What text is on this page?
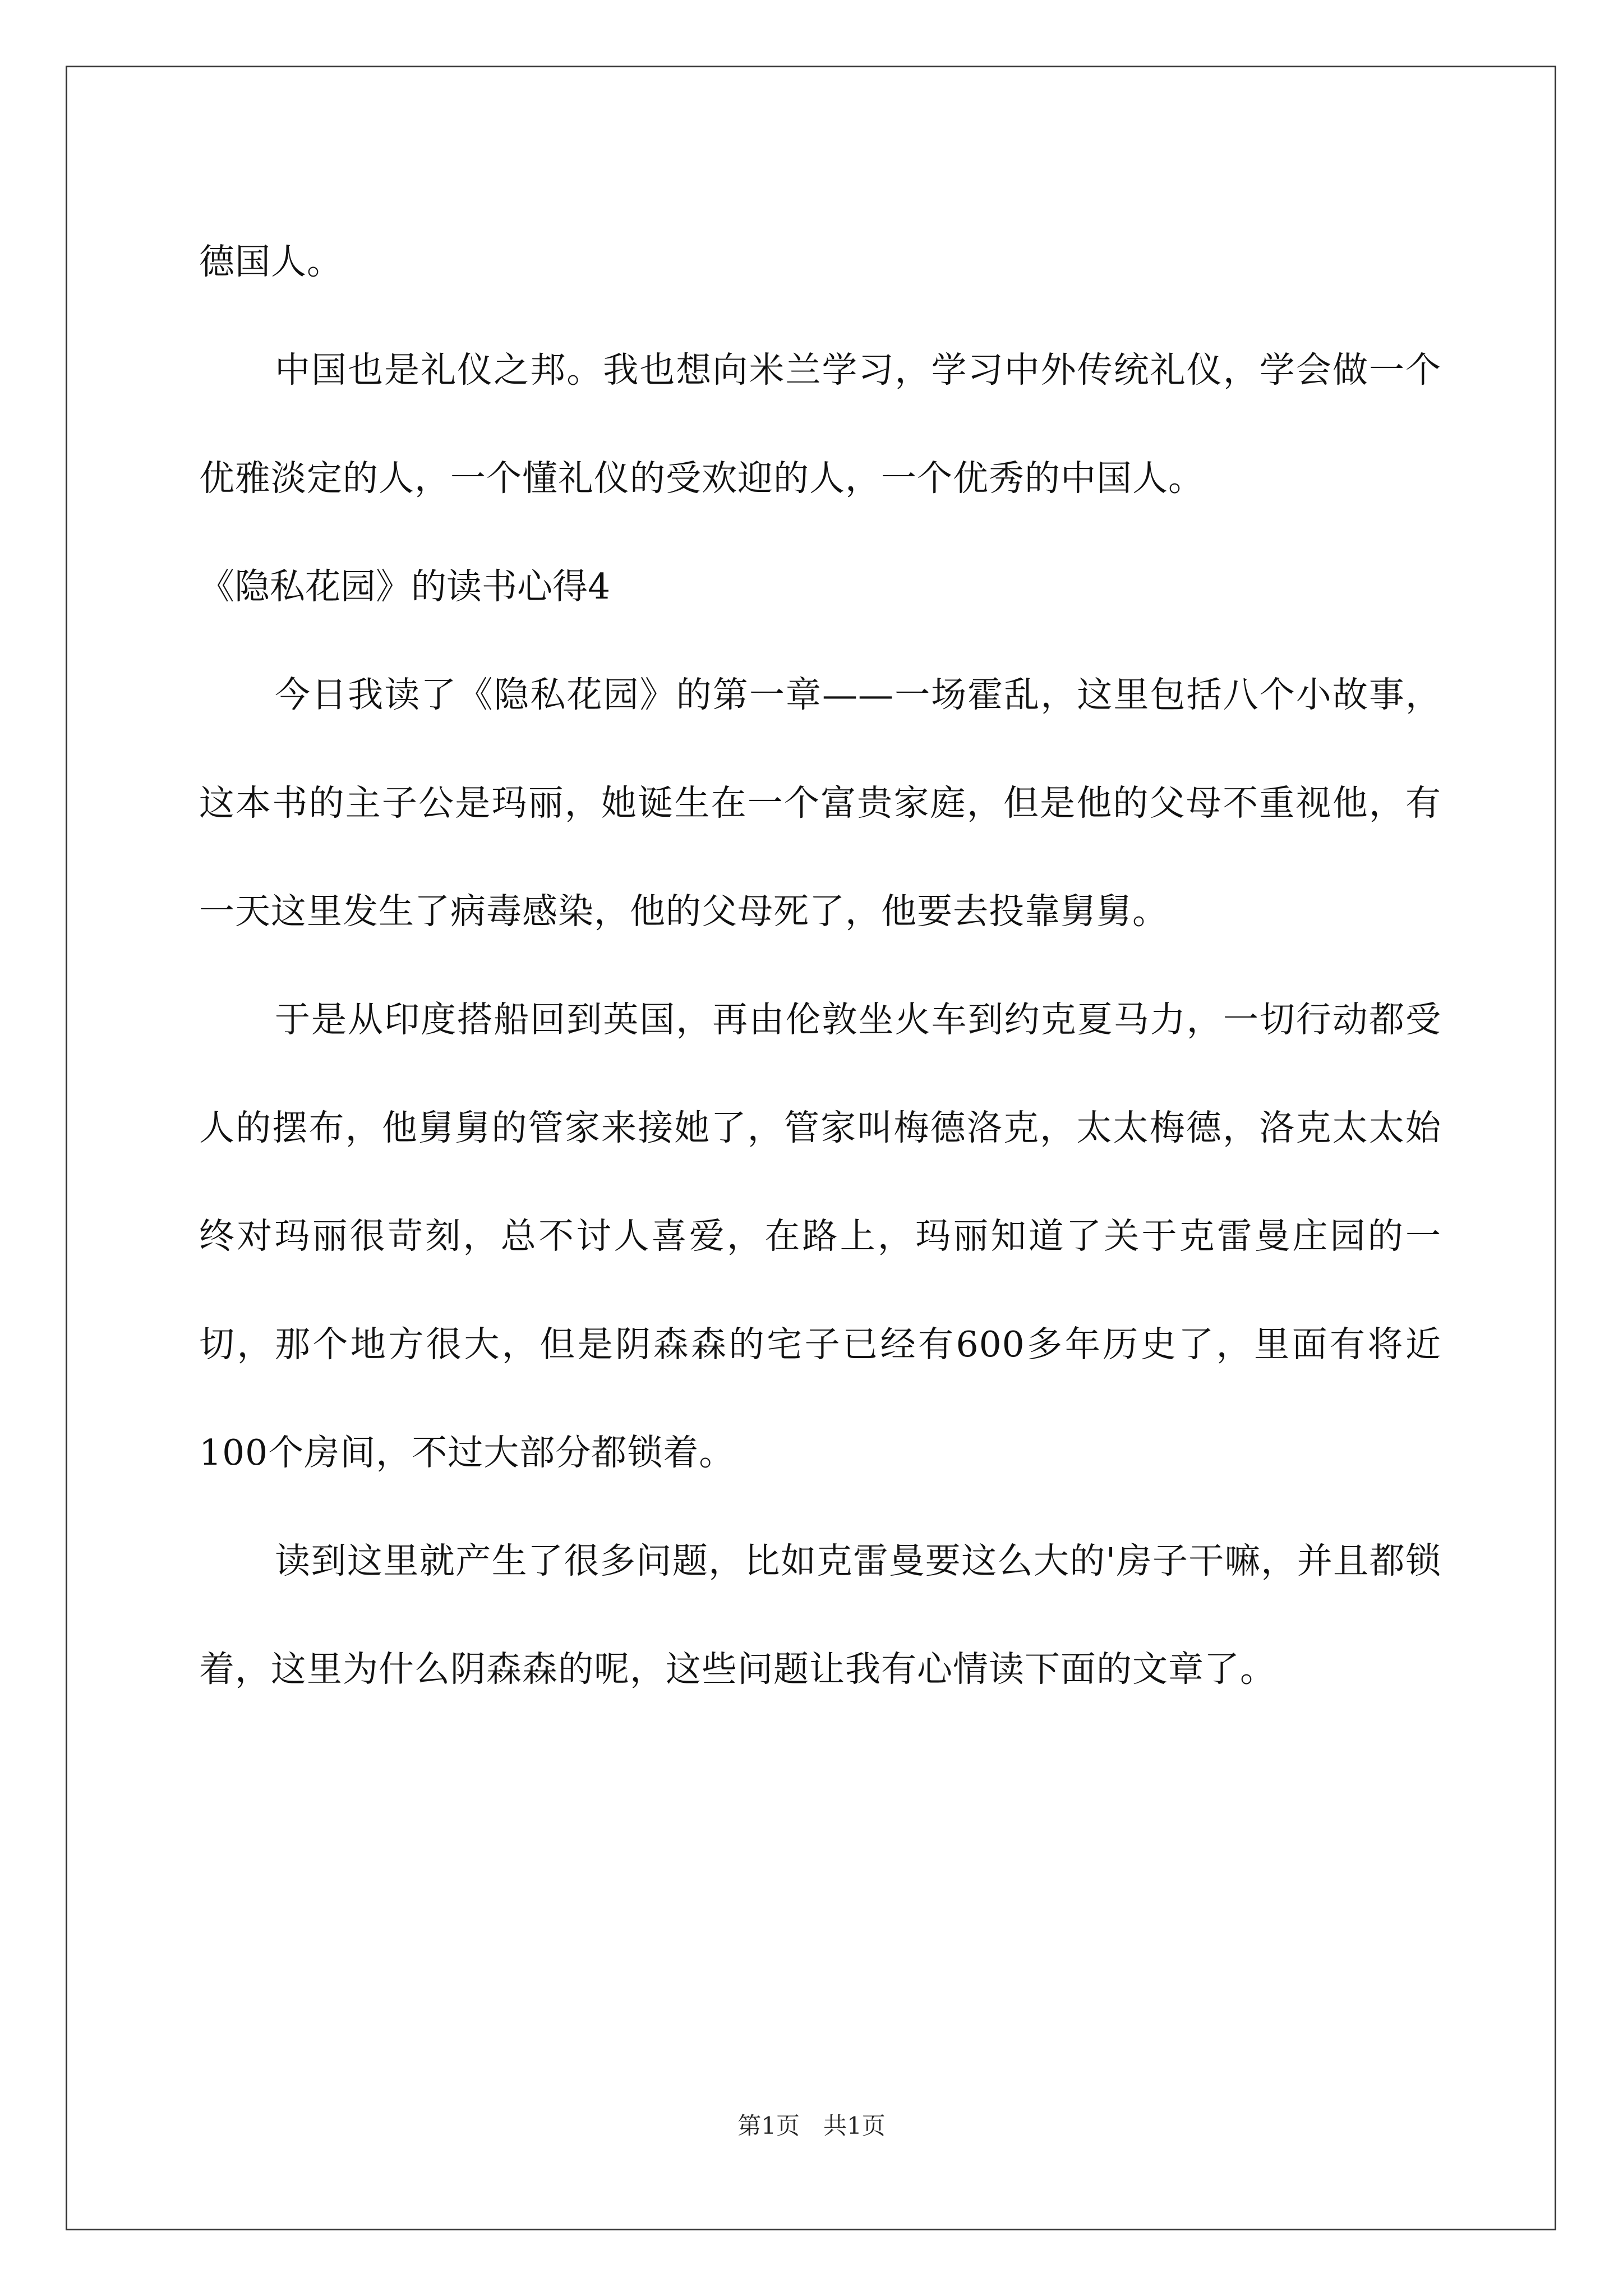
德国人。

中国也是礼仪之邦。我也想向米兰学习，学习中外传统礼仪，学会做一个优雅淡定的人，一个懂礼仪的受欢迎的人，一个优秀的中国人。

《隐私花园》的读书心得4

今日我读了《隐私花园》的第一章——一场霍乱，这里包括八个小故事，这本书的主子公是玛丽，她诞生在一个富贵家庭，但是他的父母不重视他，有一天这里发生了病毒感染，他的父母死了，他要去投靠舅舅。

于是从印度搭船回到英国，再由伦敦坐火车到约克夏马力，一切行动都受人的摆布，他舅舅的管家来接她了，管家叫梅德洛克，太太梅德，洛克太太始终对玛丽很苛刻，总不讨人喜爱，在路上，玛丽知道了关于克雷曼庄园的一切，那个地方很大，但是阴森森的宅子已经有600多年历史了，里面有将近100个房间，不过大部分都锁着。

读到这里就产生了很多问题，比如克雷曼要这么大的'房子干嘛，并且都锁着，这里为什么阴森森的呢，这些问题让我有心情读下面的文章了。

第1页　共1页
